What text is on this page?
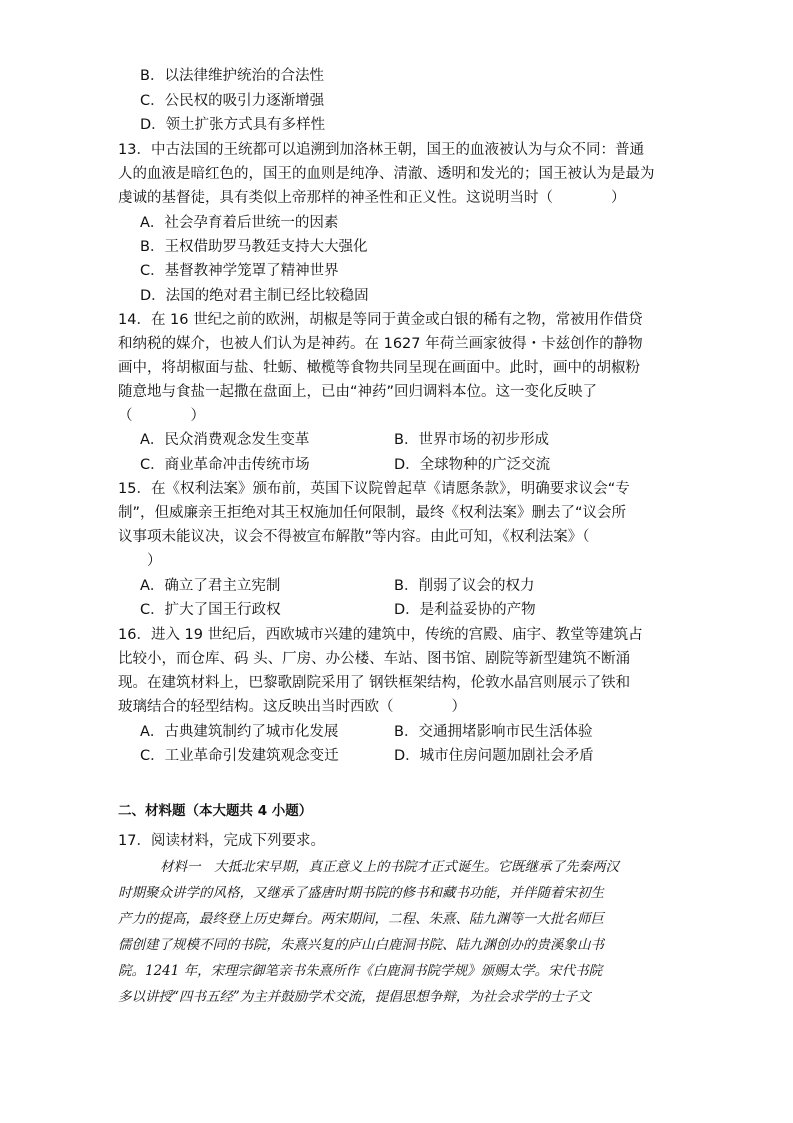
B．以法律维护统治的合法性
C．公民权的吸引力逐渐增强
D．领土扩张方式具有多样性
13．中古法国的王统都可以追溯到加洛林王朝，国王的血液被认为与众不同：普通
人的血液是暗红色的，国王的血则是纯净、清澈、透明和发光的；国王被认为是最为
虔诚的基督徒，具有类似上帝那样的神圣性和正义性。这说明当时（　　　　）
A．社会孕育着后世统一的因素
B．王权借助罗马教廷支持大大强化
C．基督教神学笼罩了精神世界
D．法国的绝对君主制已经比较稳固
14．在 16 世纪之前的欧洲，胡椒是等同于黄金或白银的稀有之物，常被用作借贷
和纳税的媒介，也被人们认为是神药。在 1627 年荷兰画家彼得・卡兹创作的静物
画中，将胡椒面与盐、牡蛎、橄榄等食物共同呈现在画面中。此时，画中的胡椒粉
随意地与食盐一起撒在盘面上，已由“神药”回归调料本位。这一变化反映了
（　　　　）
A．民众消费观念发生变革	B．世界市场的初步形成
C．商业革命冲击传统市场	D．全球物种的广泛交流
15．在《权利法案》颁布前，英国下议院曾起草《请愿条款》，明确要求议会“专
制”，但威廉亲王拒绝对其王权施加任何限制，最终《权利法案》删去了“议会所
议事项未能议决，议会不得被宣布解散”等内容。由此可知，《权利法案》（
　　）
A．确立了君主立宪制	B．削弱了议会的权力
C．扩大了国王行政权	D．是利益妥协的产物
16．进入 19 世纪后，西欧城市兴建的建筑中，传统的宫殿、庙宇、教堂等建筑占
比较小，而仓库、码 头、厂房、办公楼、车站、图书馆、剧院等新型建筑不断涌
现。在建筑材料上，巴黎歌剧院采用了 钢铁框架结构，伦敦水晶宫则展示了铁和
玻璃结合的轻型结构。这反映出当时西欧（　　　　）
A．古典建筑制约了城市化发展	B．交通拥堵影响市民生活体验
C．工业革命引发建筑观念变迁	D．城市住房问题加剧社会矛盾
二、材料题（本大题共 4 小题）
17．阅读材料，完成下列要求。
材料一　大抵北宋早期，真正意义上的书院才正式诞生。它既继承了先秦两汉
时期聚众讲学的风格，又继承了盛唐时期书院的修书和藏书功能，并伴随着宋初生
产力的提高，最终登上历史舞台。两宋期间，二程、朱熹、陆九渊等一大批名师巨
儒创建了规模不同的书院，朱熹兴复的庐山白鹿洞书院、陆九渊创办的贵溪象山书
院。1241 年，宋理宗御笔亲书朱熹所作《白鹿洞书院学规》颁赐太学。宋代书院
多以讲授“四书五经”为主并鼓励学术交流，提倡思想争辩，为社会求学的士子文
